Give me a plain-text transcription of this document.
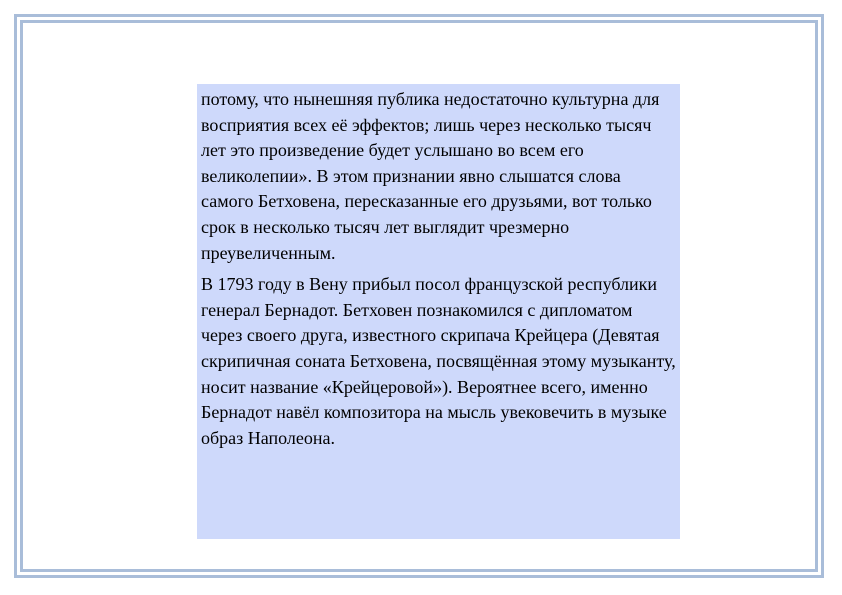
потому, что нынешняя публика недостаточно культурна для восприятия всех её эффектов; лишь через несколько тысяч лет это произведение будет услышано во всем его великолепии». В этом признании явно слышатся слова самого Бетховена, пересказанные его друзьями, вот только срок в несколько тысяч лет выглядит чрезмерно преувеличенным.

В 1793 году в Вену прибыл посол французской республики генерал Бернадот. Бетховен познакомился с дипломатом через своего друга, известного скрипача Крейцера (Девятая скрипичная соната Бетховена, посвящённая этому музыканту, носит название «Крейцеровой»). Вероятнее всего, именно Бернадот навёл композитора на мысль увековечить в музыке образ Наполеона.
